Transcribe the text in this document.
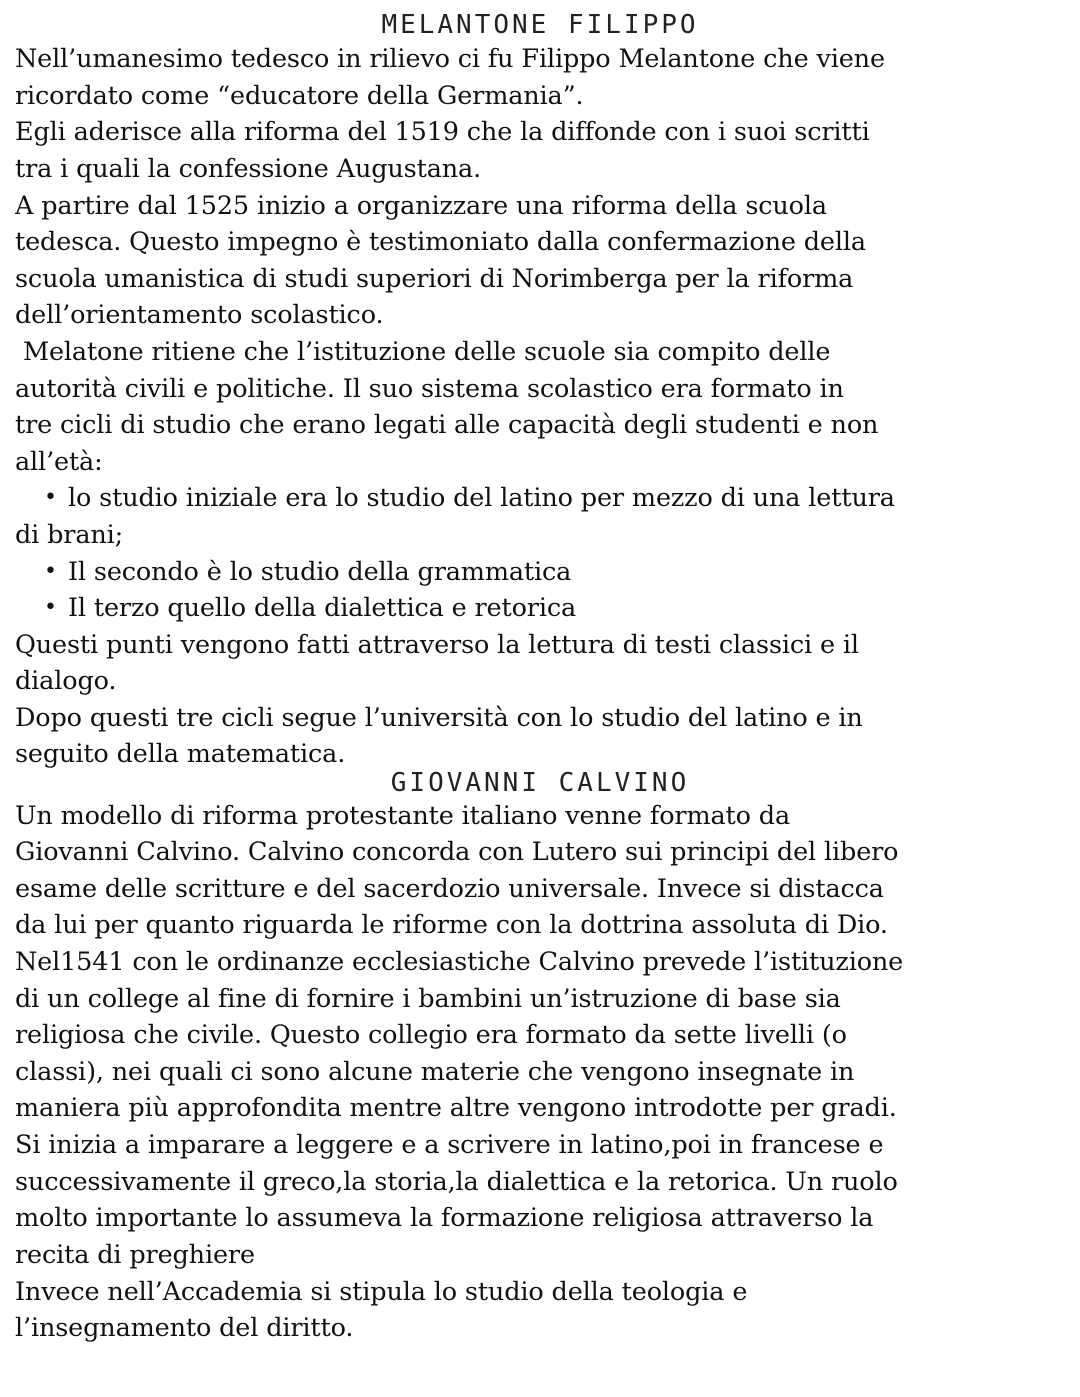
MELANTONE FILIPPO
Nell’umanesimo tedesco in rilievo ci fu Filippo Melantone che viene
ricordato come “educatore della Germania”.
Egli aderisce alla riforma del 1519 che la diffonde con i suoi scritti
tra i quali la confessione Augustana.
A partire dal 1525 inizio a organizzare una riforma della scuola
tedesca. Questo impegno è testimoniato dalla confermazione della
scuola umanistica di studi superiori di Norimberga per la riforma
dell’orientamento scolastico.
Melatone ritiene che l’istituzione delle scuole sia compito delle
autorità civili e politiche. Il suo sistema scolastico era formato in
tre cicli di studio che erano legati alle capacità degli studenti e non
all’età:
• lo studio iniziale era lo studio del latino per mezzo di una lettura
di brani;
• Il secondo è lo studio della grammatica
• Il terzo quello della dialettica e retorica
Questi punti vengono fatti attraverso la lettura di testi classici e il
dialogo.
Dopo questi tre cicli segue l’università con lo studio del latino e in
seguito della matematica.
GIOVANNI CALVINO
Un modello di riforma protestante italiano venne formato da
Giovanni Calvino. Calvino concorda con Lutero sui principi del libero
esame delle scritture e del sacerdozio universale. Invece si distacca
da lui per quanto riguarda le riforme con la dottrina assoluta di Dio.
Nel1541 con le ordinanze ecclesiastiche Calvino prevede l’istituzione
di un college al fine di fornire i bambini un’istruzione di base sia
religiosa che civile. Questo collegio era formato da sette livelli (o
classi), nei quali ci sono alcune materie che vengono insegnate in
maniera più approfondita mentre altre vengono introdotte per gradi.
Si inizia a imparare a leggere e a scrivere in latino,poi in francese e
successivamente il greco,la storia,la dialettica e la retorica. Un ruolo
molto importante lo assumeva la formazione religiosa attraverso la
recita di preghiere
Invece nell’Accademia si stipula lo studio della teologia e
l’insegnamento del diritto.
